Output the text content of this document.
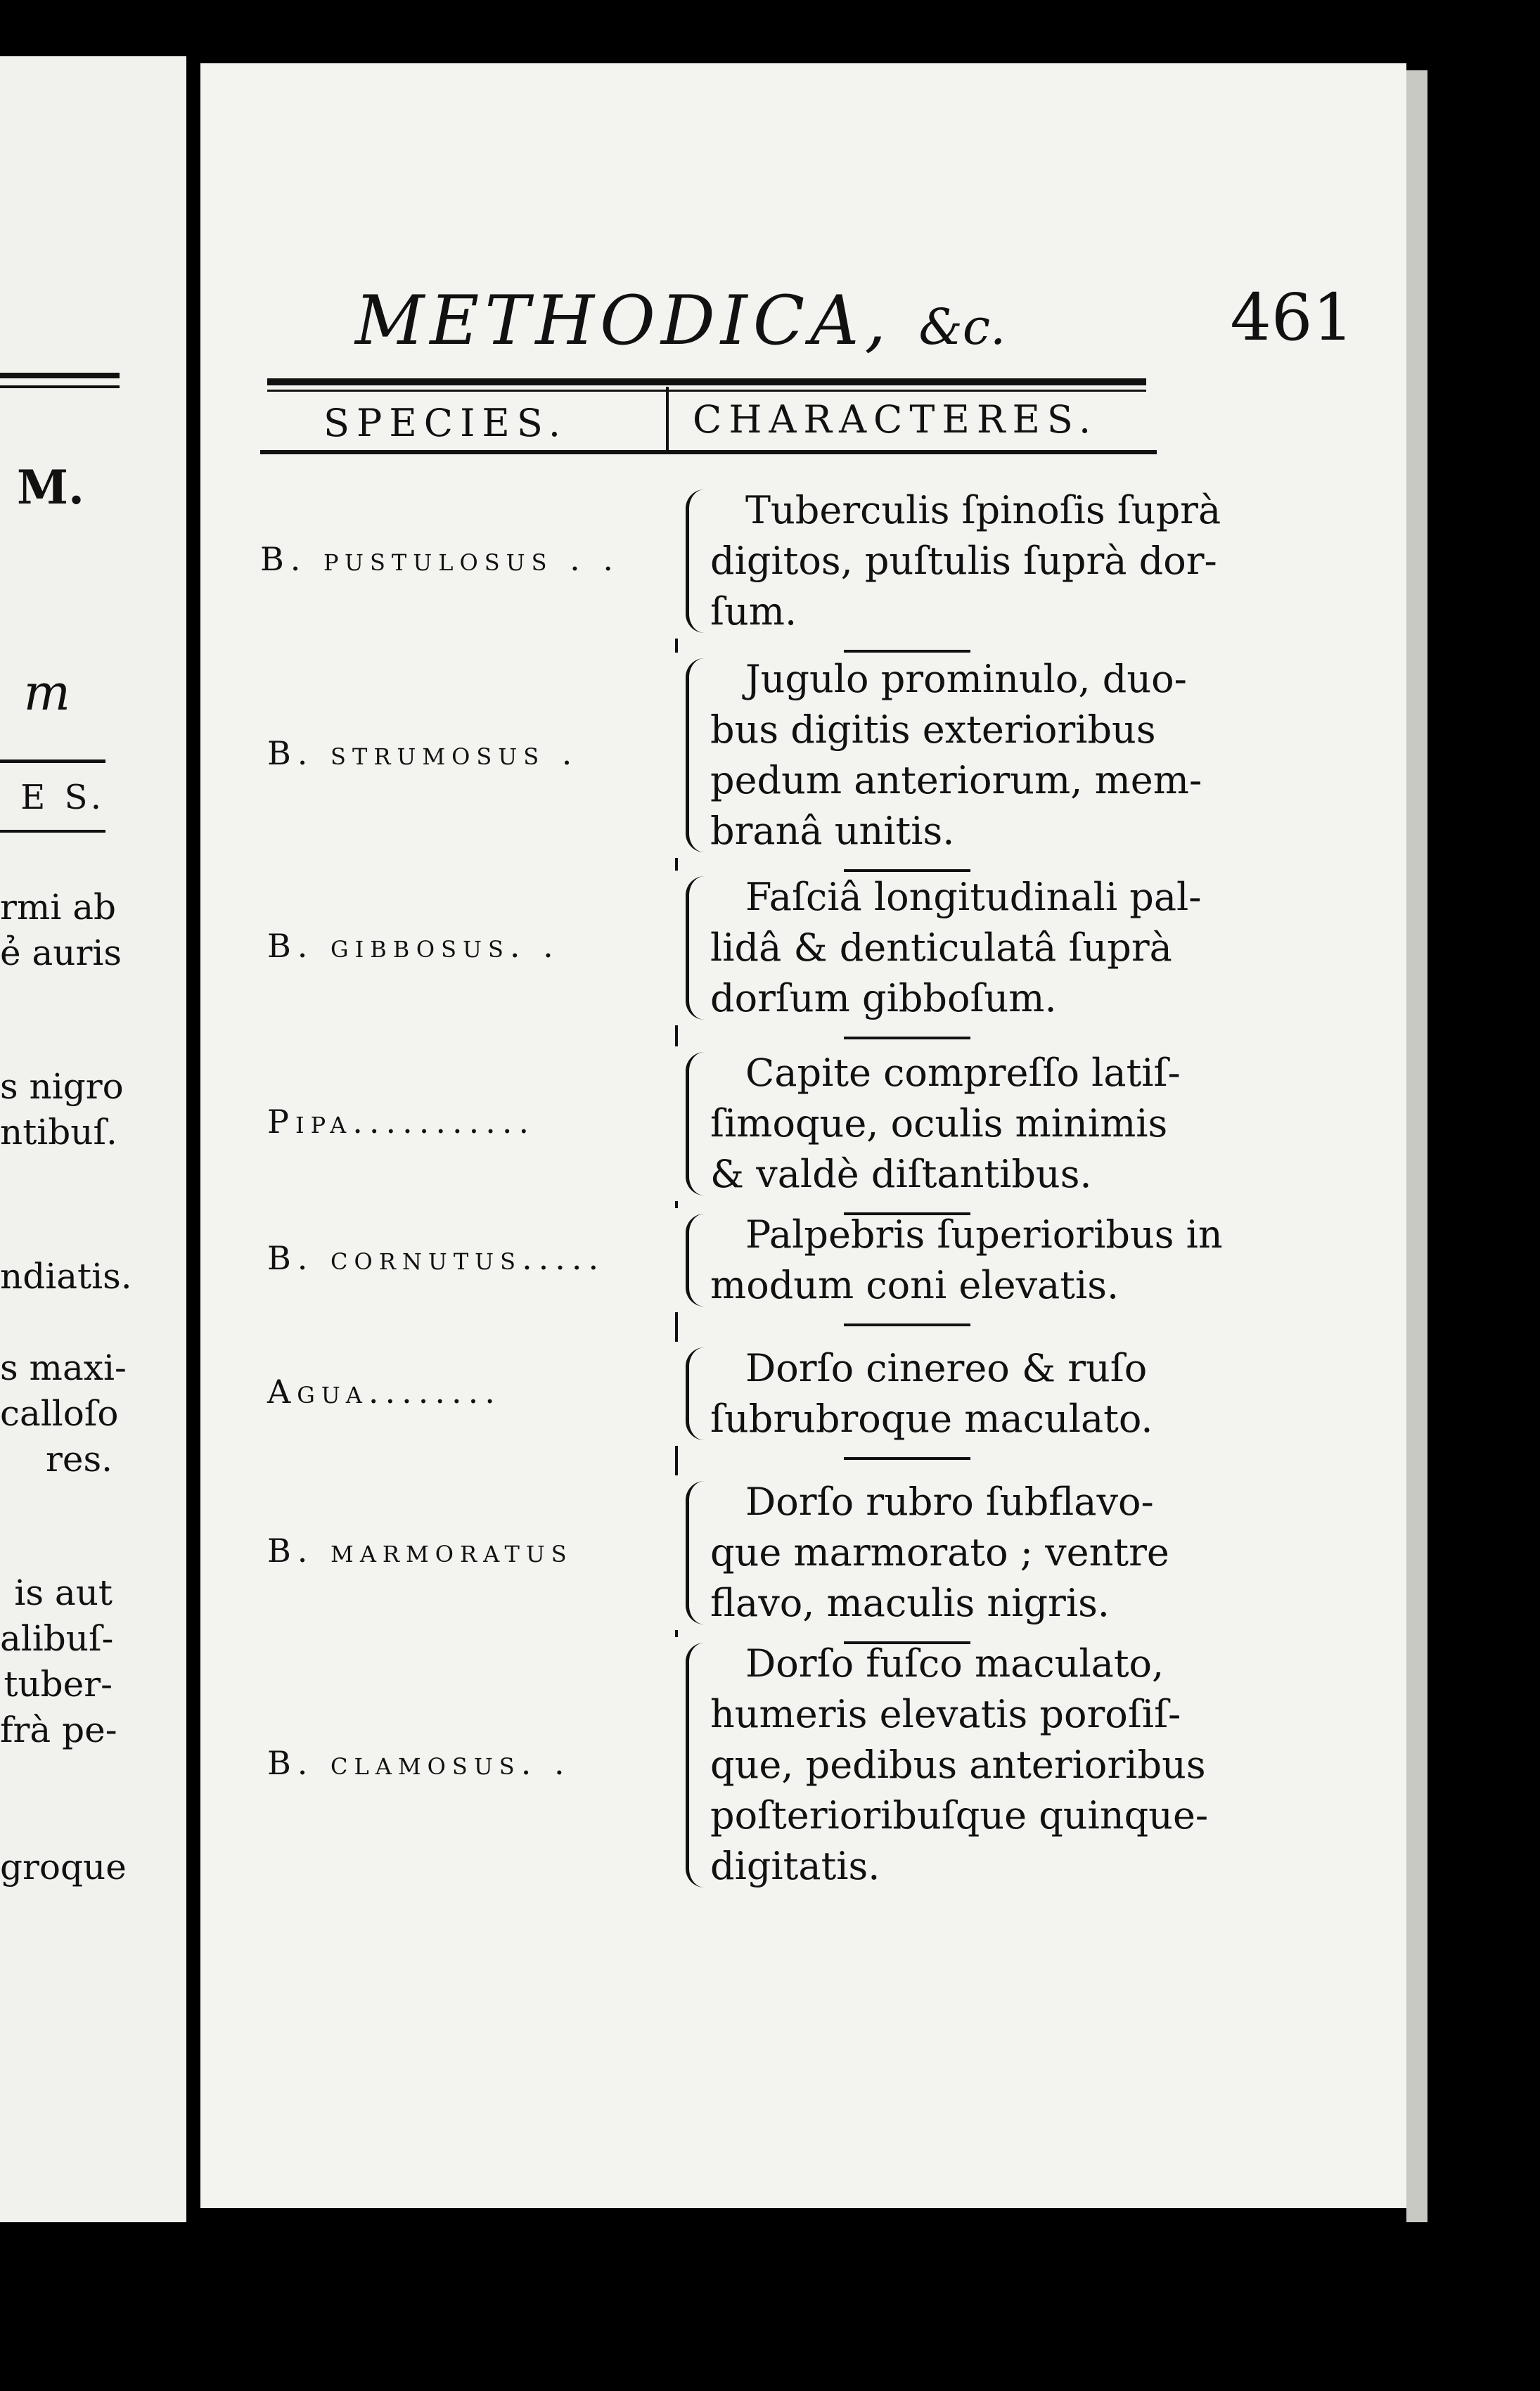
M.
m
E S.
rmi ab
ẻ auris
s nigro
ntibuſ.
ndiatis.
s maxi-
calloſo
res.
is aut
alibuſ-
tuber-
frà pe-
groque
METHODICA, &c.	461
SPECIES.	CHARACTERES.
B. pustulosus . .
Tuberculis ſpinoſis ſuprà
digitos, puſtulis ſuprà dor-
ſum.
B. strumosus .
Jugulo prominulo, duo-
bus digitis exterioribus
pedum anteriorum, mem-
branâ unitis.
B. gibbosus. .
Faſciâ longitudinali pal-
lidâ & denticulatâ ſuprà
dorſum gibboſum.
Pipa...........
Capite compreſſo latiſ-
ſimoque, oculis minimis
& valdè diſtantibus.
B. cornutus.....
Palpebris ſuperioribus in
modum coni elevatis.
Agua........
Dorſo cinereo & ruſo
ſubrubroque maculato.
B. marmoratus
Dorſo rubro ſubflavo-
que marmorato ; ventre
flavo, maculis nigris.
B. clamosus. .
Dorſo fuſco maculato,
humeris elevatis poroſiſ-
que, pedibus anterioribus
poſterioribuſque quinque-
digitatis.
